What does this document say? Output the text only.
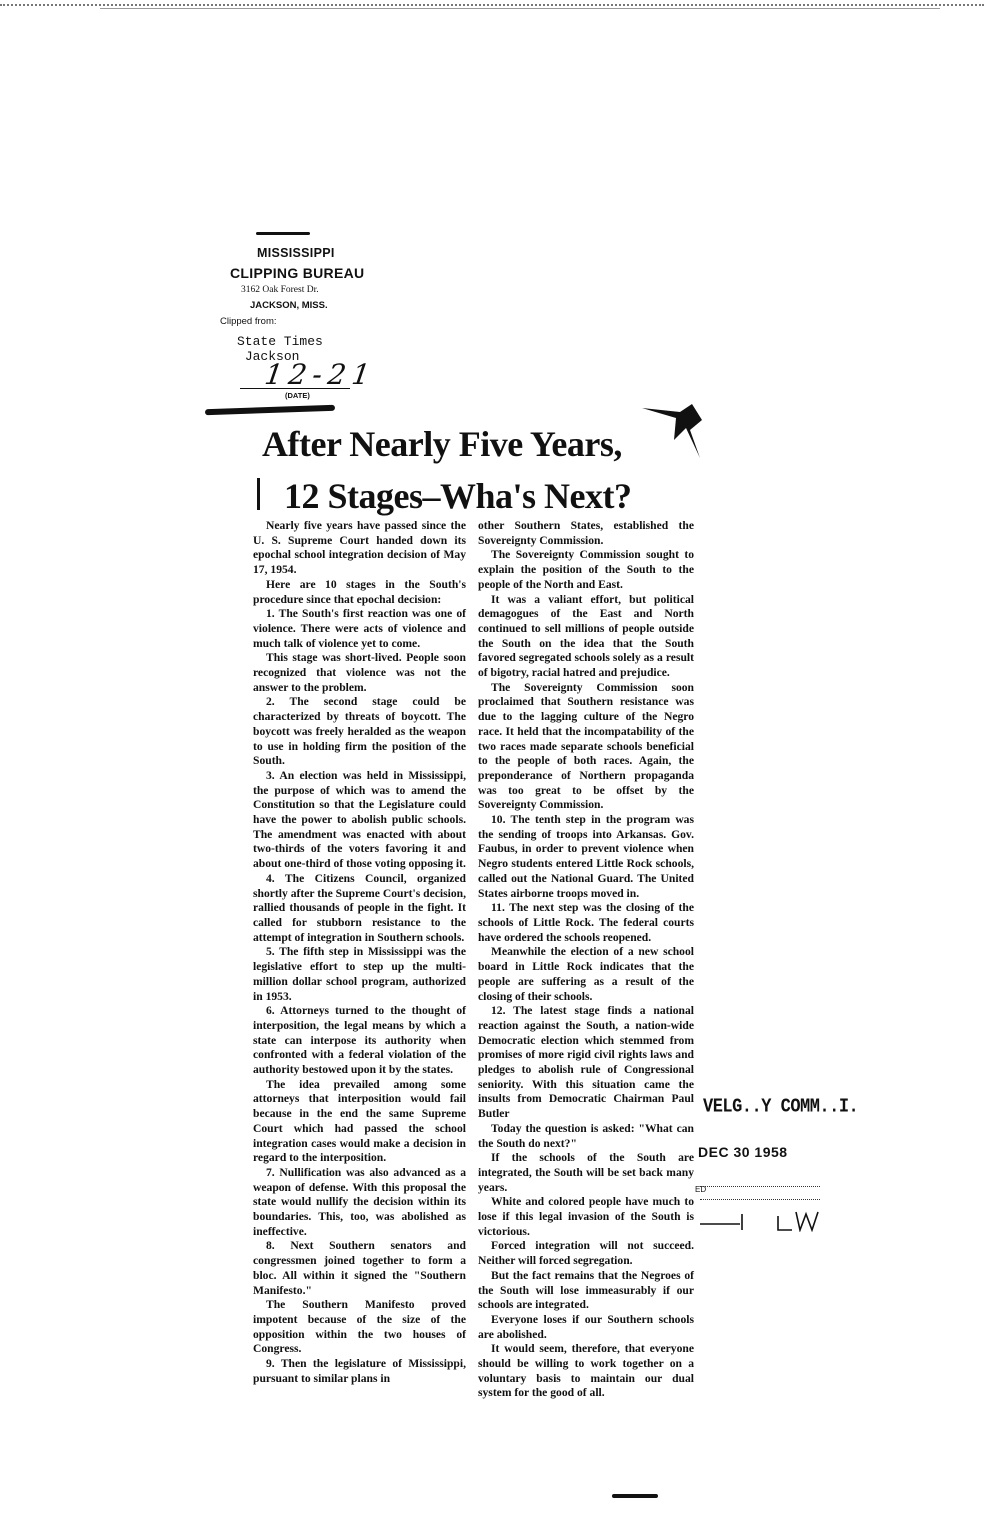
MISSISSIPPI
CLIPPING BUREAU
3162 Oak Forest Dr.
JACKSON, MISS.
Clipped from:
State Times
Jackson
12-21
(DATE)
After Nearly Five Years,
12 Stages–Wha's Next?

Nearly five years have passed since the U. S. Supreme Court handed down its epochal school integration decision of May 17, 1954.

Here are 10 stages in the South's procedure since that epochal decision:

1. The South's first reaction was one of violence. There were acts of violence and much talk of violence yet to come.

This stage was short-lived. People soon recognized that violence was not the answer to the problem.

2. The second stage could be characterized by threats of boycott. The boycott was freely heralded as the weapon to use in holding firm the position of the South.

3. An election was held in Mississippi, the purpose of which was to amend the Constitution so that the Legislature could have the power to abolish public schools. The amendment was enacted with about two-thirds of the voters favoring it and about one-third of those voting opposing it.

4. The Citizens Council, organized shortly after the Supreme Court's decision, rallied thousands of people in the fight. It called for stubborn resistance to the attempt of integration in Southern schools.

5. The fifth step in Mississippi was the legislative effort to step up the multi-million dollar school program, authorized in 1953.

6. Attorneys turned to the thought of interposition, the legal means by which a state can interpose its authority when confronted with a federal violation of the authority bestowed upon it by the states.

The idea prevailed among some attorneys that interposition would fail because in the end the same Supreme Court which had passed the school integration cases would make a decision in regard to the interposition.

7. Nullification was also advanced as a weapon of defense. With this proposal the state would nullify the decision within its boundaries. This, too, was abolished as ineffective.

8. Next Southern senators and congressmen joined together to form a bloc. All within it signed the "Southern Manifesto."

The Southern Manifesto proved impotent because of the size of the opposition within the two houses of Congress.

9. Then the legislature of Mississippi, pursuant to similar plans in

other Southern States, established the Sovereignty Commission.

The Sovereignty Commission sought to explain the position of the South to the people of the North and East.

It was a valiant effort, but political demagogues of the East and North continued to sell millions of people outside the South on the idea that the South favored segregated schools solely as a result of bigotry, racial hatred and prejudice.

The Sovereignty Commission soon proclaimed that Southern resistance was due to the lagging culture of the Negro race. It held that the incompatability of the two races made separate schools beneficial to the people of both races. Again, the preponderance of Northern propaganda was too great to be offset by the Sovereignty Commission.

10. The tenth step in the program was the sending of troops into Arkansas. Gov. Faubus, in order to prevent violence when Negro students entered Little Rock schools, called out the National Guard. The United States airborne troops moved in.

11. The next step was the closing of the schools of Little Rock. The federal courts have ordered the schools reopened.

Meanwhile the election of a new school board in Little Rock indicates that the people are suffering as a result of the closing of their schools.

12. The latest stage finds a national reaction against the South, a nation-wide Democratic election which stemmed from promises of more rigid civil rights laws and pledges to abolish rule of Congressional seniority. With this situation came the insults from Democratic Chairman Paul Butler

Today the question is asked: "What can the South do next?"

If the schools of the South are integrated, the South will be set back many years.

White and colored people have much to lose if this legal invasion of the South is victorious.

Forced integration will not succeed. Neither will forced segregation.

But the fact remains that the Negroes of the South will lose immeasurably if our schools are integrated.

Everyone loses if our Southern schools are abolished.

It would seem, therefore, that everyone should be willing to work together on a voluntary basis to maintain our dual system for the good of all.

VELG..Y COMM..I.
DEC 30 1958
ED
